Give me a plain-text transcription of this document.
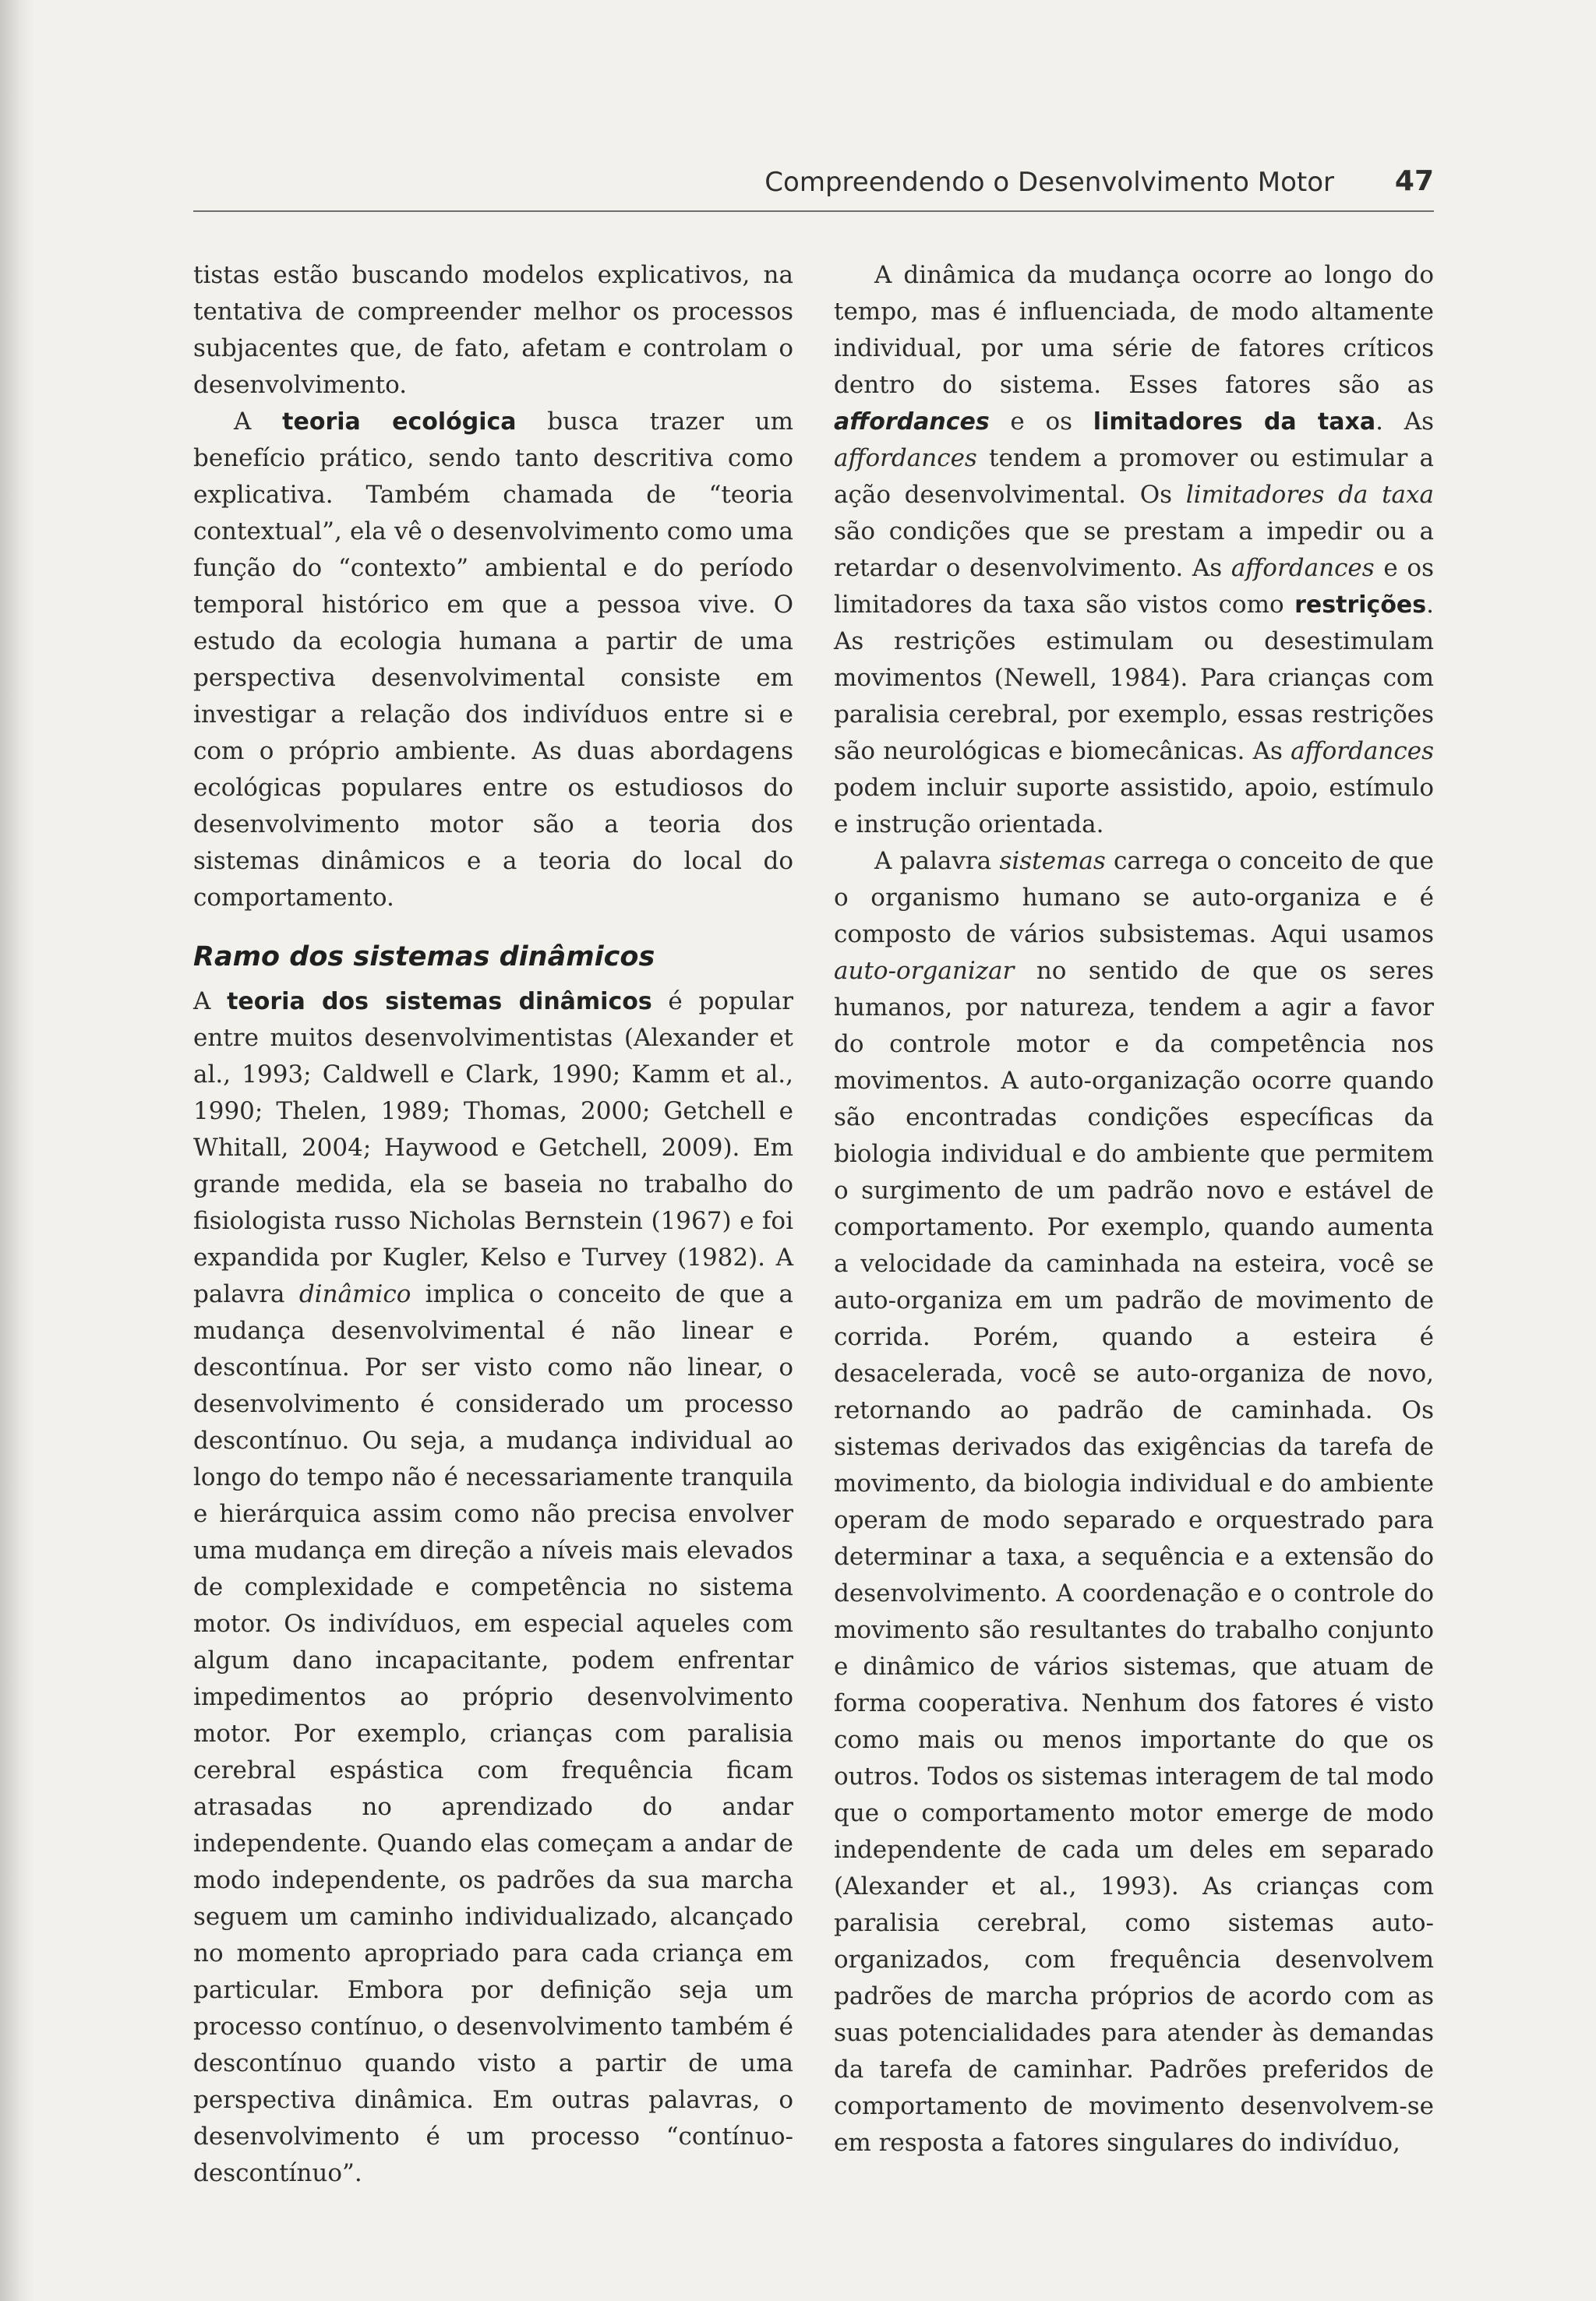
Compreendendo o Desenvolvimento Motor 47

tistas estão buscando modelos explicativos, na tentativa de compreender melhor os processos subjacentes que, de fato, afetam e controlam o desenvolvimento.

A teoria ecológica busca trazer um benefício prático, sendo tanto descritiva como explicativa. Também chamada de “teoria contextual”, ela vê o desenvolvimento como uma função do “contexto” ambiental e do período temporal histórico em que a pessoa vive. O estudo da ecologia humana a partir de uma perspectiva desenvolvimental consiste em investigar a relação dos indivíduos entre si e com o próprio ambiente. As duas abordagens ecológicas populares entre os estudiosos do desenvolvimento motor são a teoria dos sistemas dinâmicos e a teoria do local do comportamento.

Ramo dos sistemas dinâmicos

A teoria dos sistemas dinâmicos é popular entre muitos desenvolvimentistas (Alexander et al., 1993; Caldwell e Clark, 1990; Kamm et al., 1990; Thelen, 1989; Thomas, 2000; Getchell e Whitall, 2004; Haywood e Getchell, 2009). Em grande medida, ela se baseia no trabalho do fisiologista russo Nicholas Bernstein (1967) e foi expandida por Kugler, Kelso e Turvey (1982). A palavra dinâmico implica o conceito de que a mudança desenvolvimental é não linear e descontínua. Por ser visto como não linear, o desenvolvimento é considerado um processo descontínuo. Ou seja, a mudança individual ao longo do tempo não é necessariamente tranquila e hierárquica assim como não precisa envolver uma mudança em direção a níveis mais elevados de complexidade e competência no sistema motor. Os indivíduos, em especial aqueles com algum dano incapacitante, podem enfrentar impedimentos ao próprio desenvolvimento motor. Por exemplo, crianças com paralisia cerebral espástica com frequência ficam atrasadas no aprendizado do andar independente. Quando elas começam a andar de modo independente, os padrões da sua marcha seguem um caminho individualizado, alcançado no momento apropriado para cada criança em particular. Embora por definição seja um processo contínuo, o desenvolvimento também é descontínuo quando visto a partir de uma perspectiva dinâmica. Em outras palavras, o desenvolvimento é um processo “contínuo-descontínuo”.

A dinâmica da mudança ocorre ao longo do tempo, mas é influenciada, de modo altamente individual, por uma série de fatores críticos dentro do sistema. Esses fatores são as affordances e os limitadores da taxa. As affordances tendem a promover ou estimular a ação desenvolvimental. Os limitadores da taxa são condições que se prestam a impedir ou a retardar o desenvolvimento. As affordances e os limitadores da taxa são vistos como restrições. As restrições estimulam ou desestimulam movimentos (Newell, 1984). Para crianças com paralisia cerebral, por exemplo, essas restrições são neurológicas e biomecânicas. As affordances podem incluir suporte assistido, apoio, estímulo e instrução orientada.

A palavra sistemas carrega o conceito de que o organismo humano se auto-organiza e é composto de vários subsistemas. Aqui usamos auto-organizar no sentido de que os seres humanos, por natureza, tendem a agir a favor do controle motor e da competência nos movimentos. A auto-organização ocorre quando são encontradas condições específicas da biologia individual e do ambiente que permitem o surgimento de um padrão novo e estável de comportamento. Por exemplo, quando aumenta a velocidade da caminhada na esteira, você se auto-organiza em um padrão de movimento de corrida. Porém, quando a esteira é desacelerada, você se auto-organiza de novo, retornando ao padrão de caminhada. Os sistemas derivados das exigências da tarefa de movimento, da biologia individual e do ambiente operam de modo separado e orquestrado para determinar a taxa, a sequência e a extensão do desenvolvimento. A coordenação e o controle do movimento são resultantes do trabalho conjunto e dinâmico de vários sistemas, que atuam de forma cooperativa. Nenhum dos fatores é visto como mais ou menos importante do que os outros. Todos os sistemas interagem de tal modo que o comportamento motor emerge de modo independente de cada um deles em separado (Alexander et al., 1993). As crianças com paralisia cerebral, como sistemas auto-organizados, com frequência desenvolvem padrões de marcha próprios de acordo com as suas potencialidades para atender às demandas da tarefa de caminhar. Padrões preferidos de comportamento de movimento desenvolvem-se em resposta a fatores singulares do indivíduo,
